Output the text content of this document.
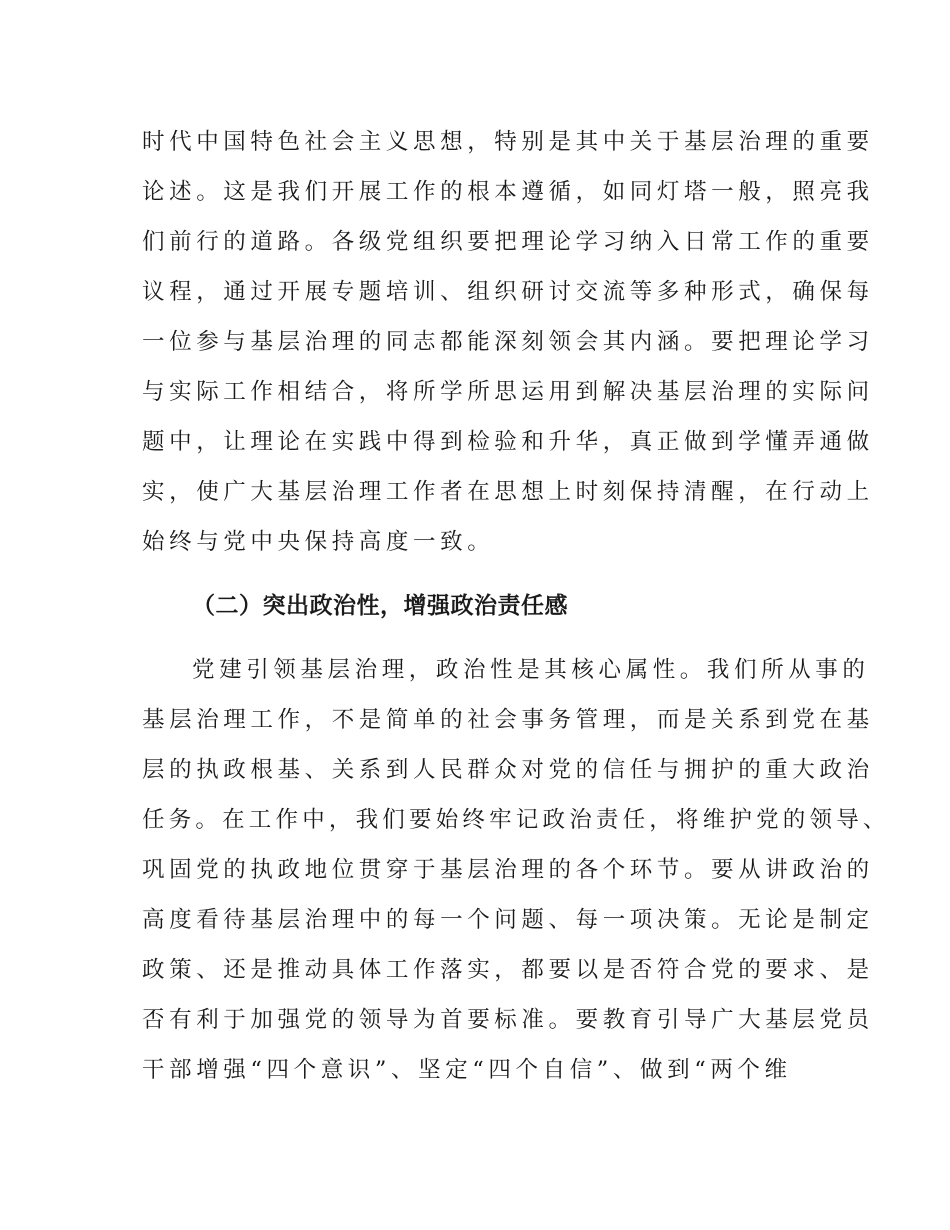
时代中国特色社会主义思想，特别是其中关于基层治理的重要
论述。这是我们开展工作的根本遵循，如同灯塔一般，照亮我
们前行的道路。各级党组织要把理论学习纳入日常工作的重要
议程，通过开展专题培训、组织研讨交流等多种形式，确保每
一位参与基层治理的同志都能深刻领会其内涵。要把理论学习
与实际工作相结合，将所学所思运用到解决基层治理的实际问
题中，让理论在实践中得到检验和升华，真正做到学懂弄通做
实，使广大基层治理工作者在思想上时刻保持清醒，在行动上
始终与党中央保持高度一致。
（二）突出政治性，增强政治责任感
党建引领基层治理，政治性是其核心属性。我们所从事的
基层治理工作，不是简单的社会事务管理，而是关系到党在基
层的执政根基、关系到人民群众对党的信任与拥护的重大政治
任务。在工作中，我们要始终牢记政治责任，将维护党的领导、
巩固党的执政地位贯穿于基层治理的各个环节。要从讲政治的
高度看待基层治理中的每一个问题、每一项决策。无论是制定
政策、还是推动具体工作落实，都要以是否符合党的要求、是
否有利于加强党的领导为首要标准。要教育引导广大基层党员
干部增强“四个意识”、坚定“四个自信”、做到“两个维
